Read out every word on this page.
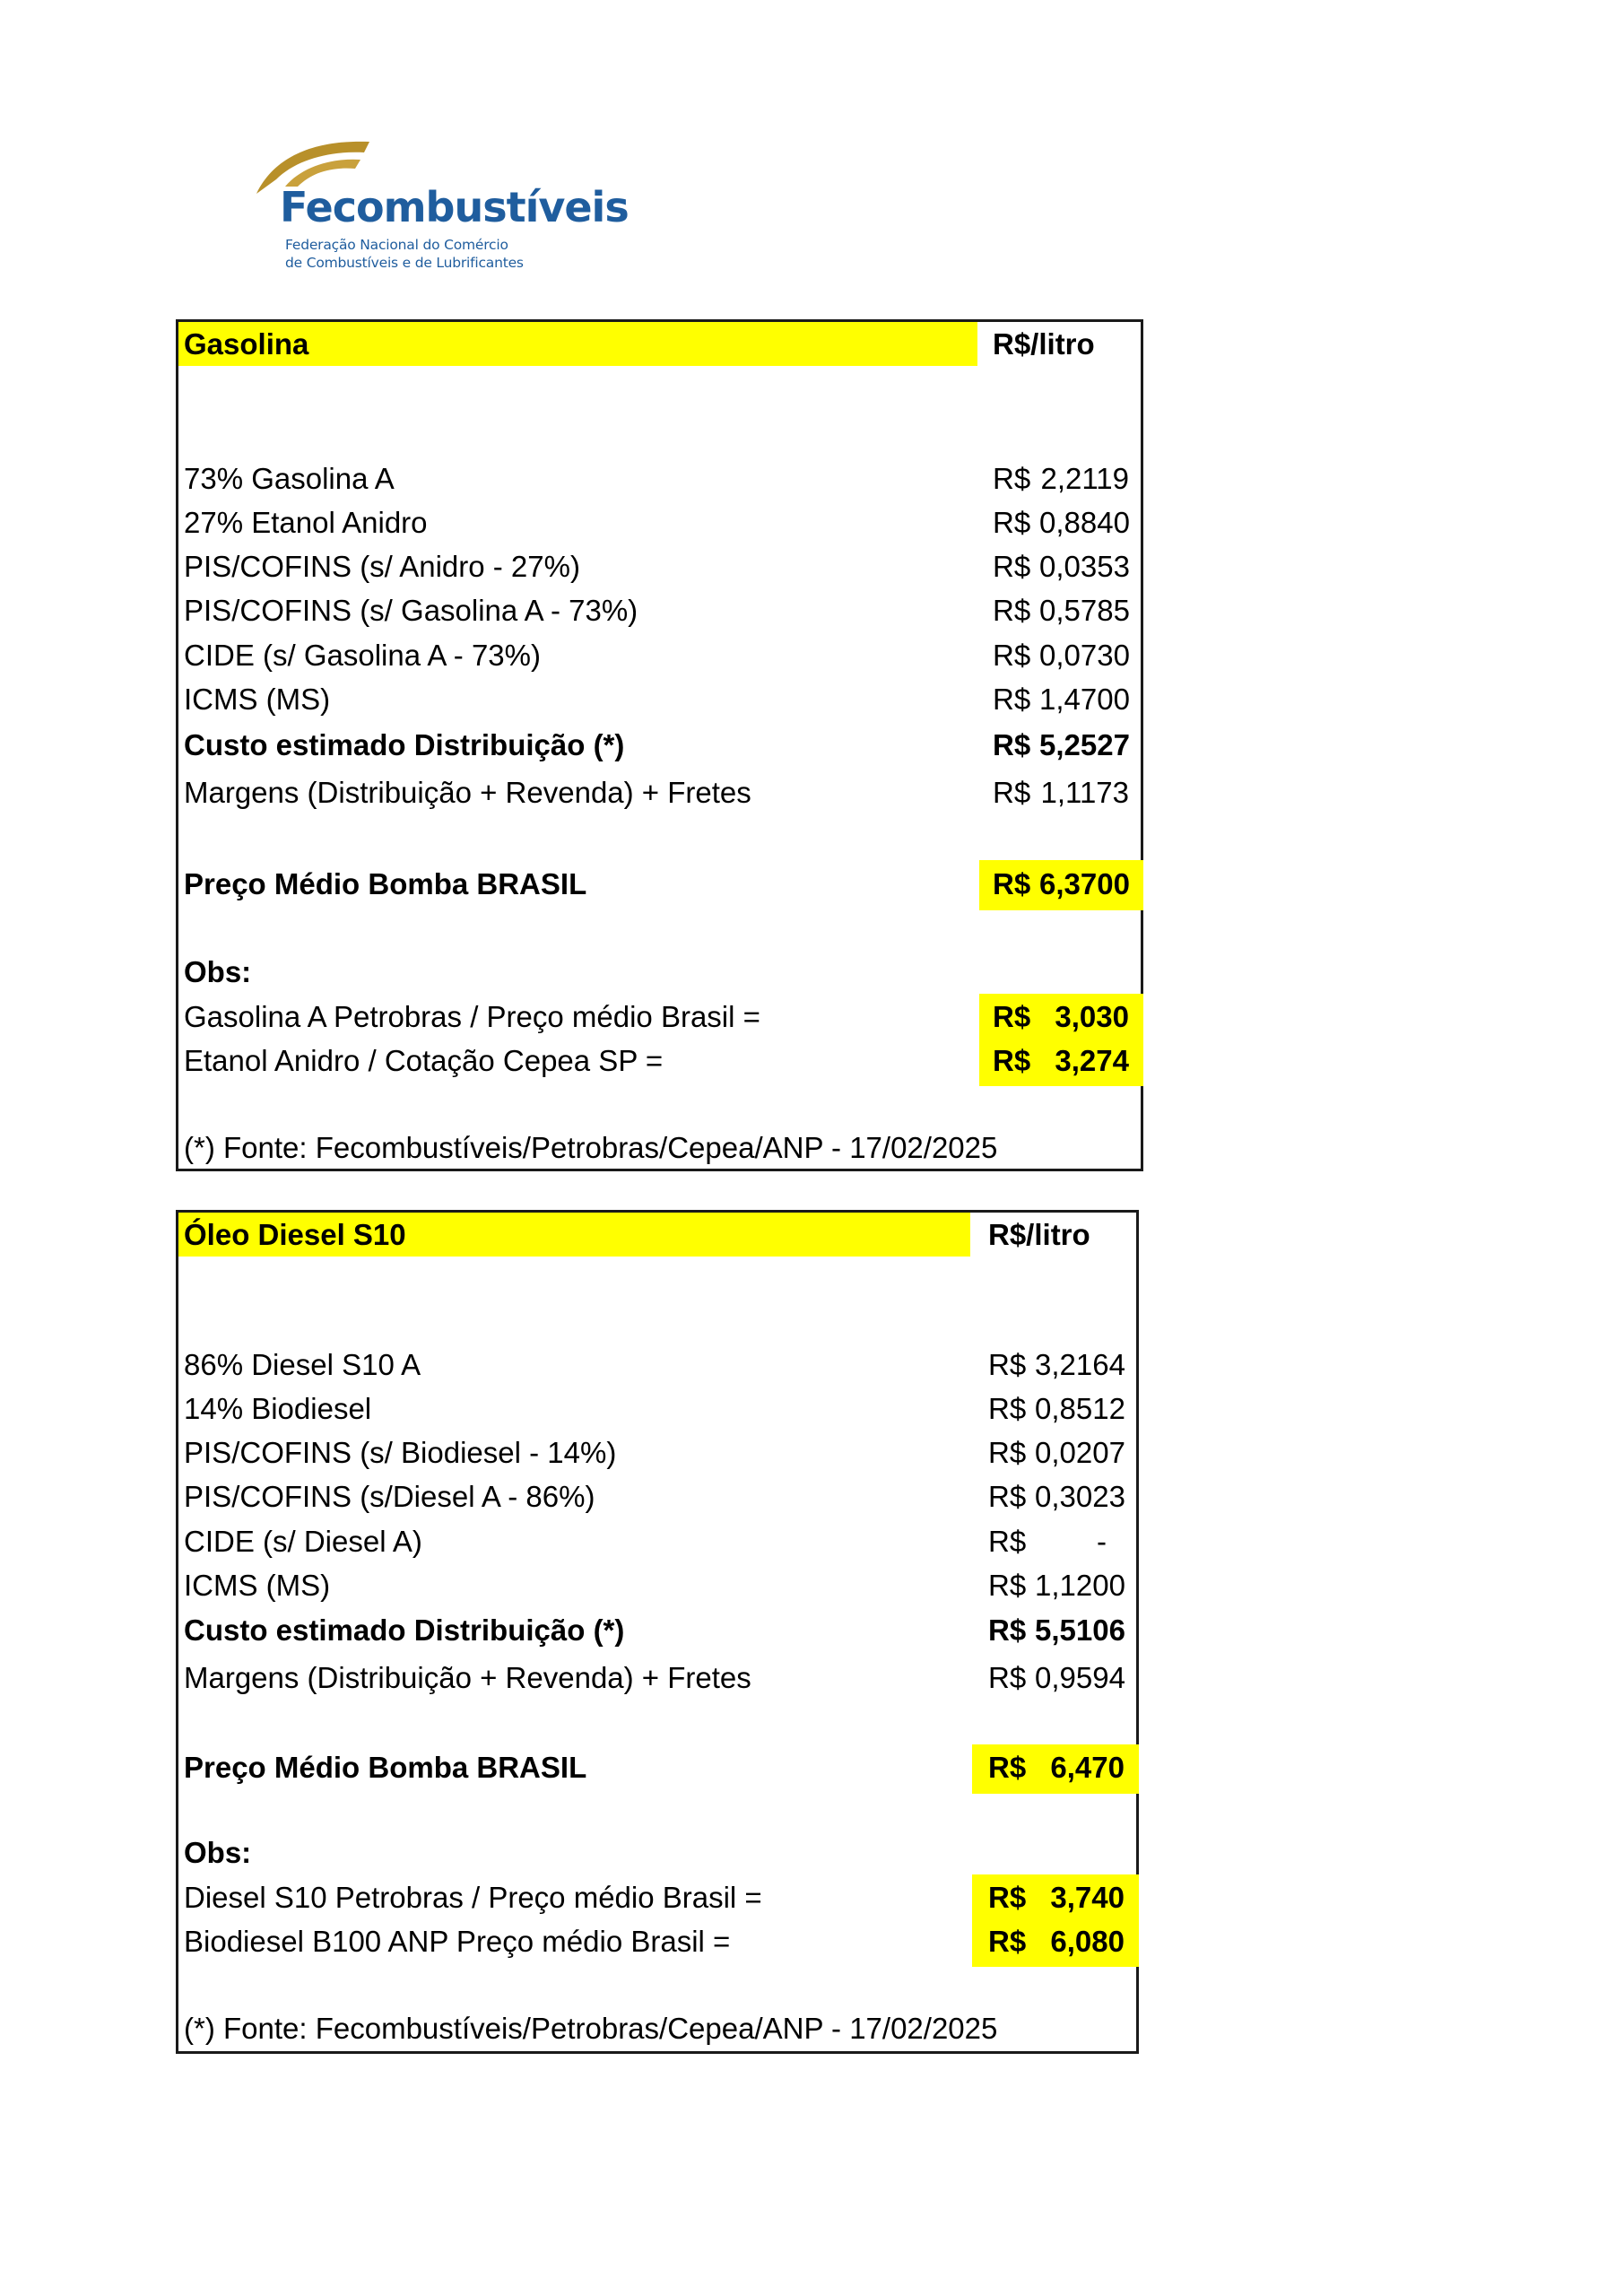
Fecombustíveis
Federação Nacional do Comércio
de Combustíveis e de Lubrificantes
Gasolina	R$/litro
73% Gasolina A	R$ 2,2119
27% Etanol Anidro	R$ 0,8840
PIS/COFINS (s/ Anidro - 27%)	R$ 0,0353
PIS/COFINS (s/ Gasolina A - 73%)	R$ 0,5785
CIDE (s/ Gasolina A - 73%)	R$ 0,0730
ICMS (MS)	R$ 1,4700
Custo estimado Distribuição (*)	R$ 5,2527
Margens (Distribuição + Revenda) + Fretes	R$ 1,1173
Preço Médio Bomba BRASIL	R$ 6,3700
Obs:
Gasolina A Petrobras / Preço médio Brasil =	R$ 3,030
Etanol Anidro / Cotação Cepea SP =	R$ 3,274
(*) Fonte: Fecombustíveis/Petrobras/Cepea/ANP - 17/02/2025
Óleo Diesel S10	R$/litro
86% Diesel S10 A	R$ 3,2164
14% Biodiesel	R$ 0,8512
PIS/COFINS (s/ Biodiesel - 14%)	R$ 0,0207
PIS/COFINS (s/Diesel A - 86%)	R$ 0,3023
CIDE (s/ Diesel A)	R$	-
ICMS (MS)	R$ 1,1200
Custo estimado Distribuição (*)	R$ 5,5106
Margens (Distribuição + Revenda) + Fretes	R$ 0,9594
Preço Médio Bomba BRASIL	R$ 6,470
Obs:
Diesel S10 Petrobras / Preço médio Brasil =	R$ 3,740
Biodiesel B100 ANP Preço médio Brasil =	R$ 6,080
(*) Fonte: Fecombustíveis/Petrobras/Cepea/ANP - 17/02/2025
